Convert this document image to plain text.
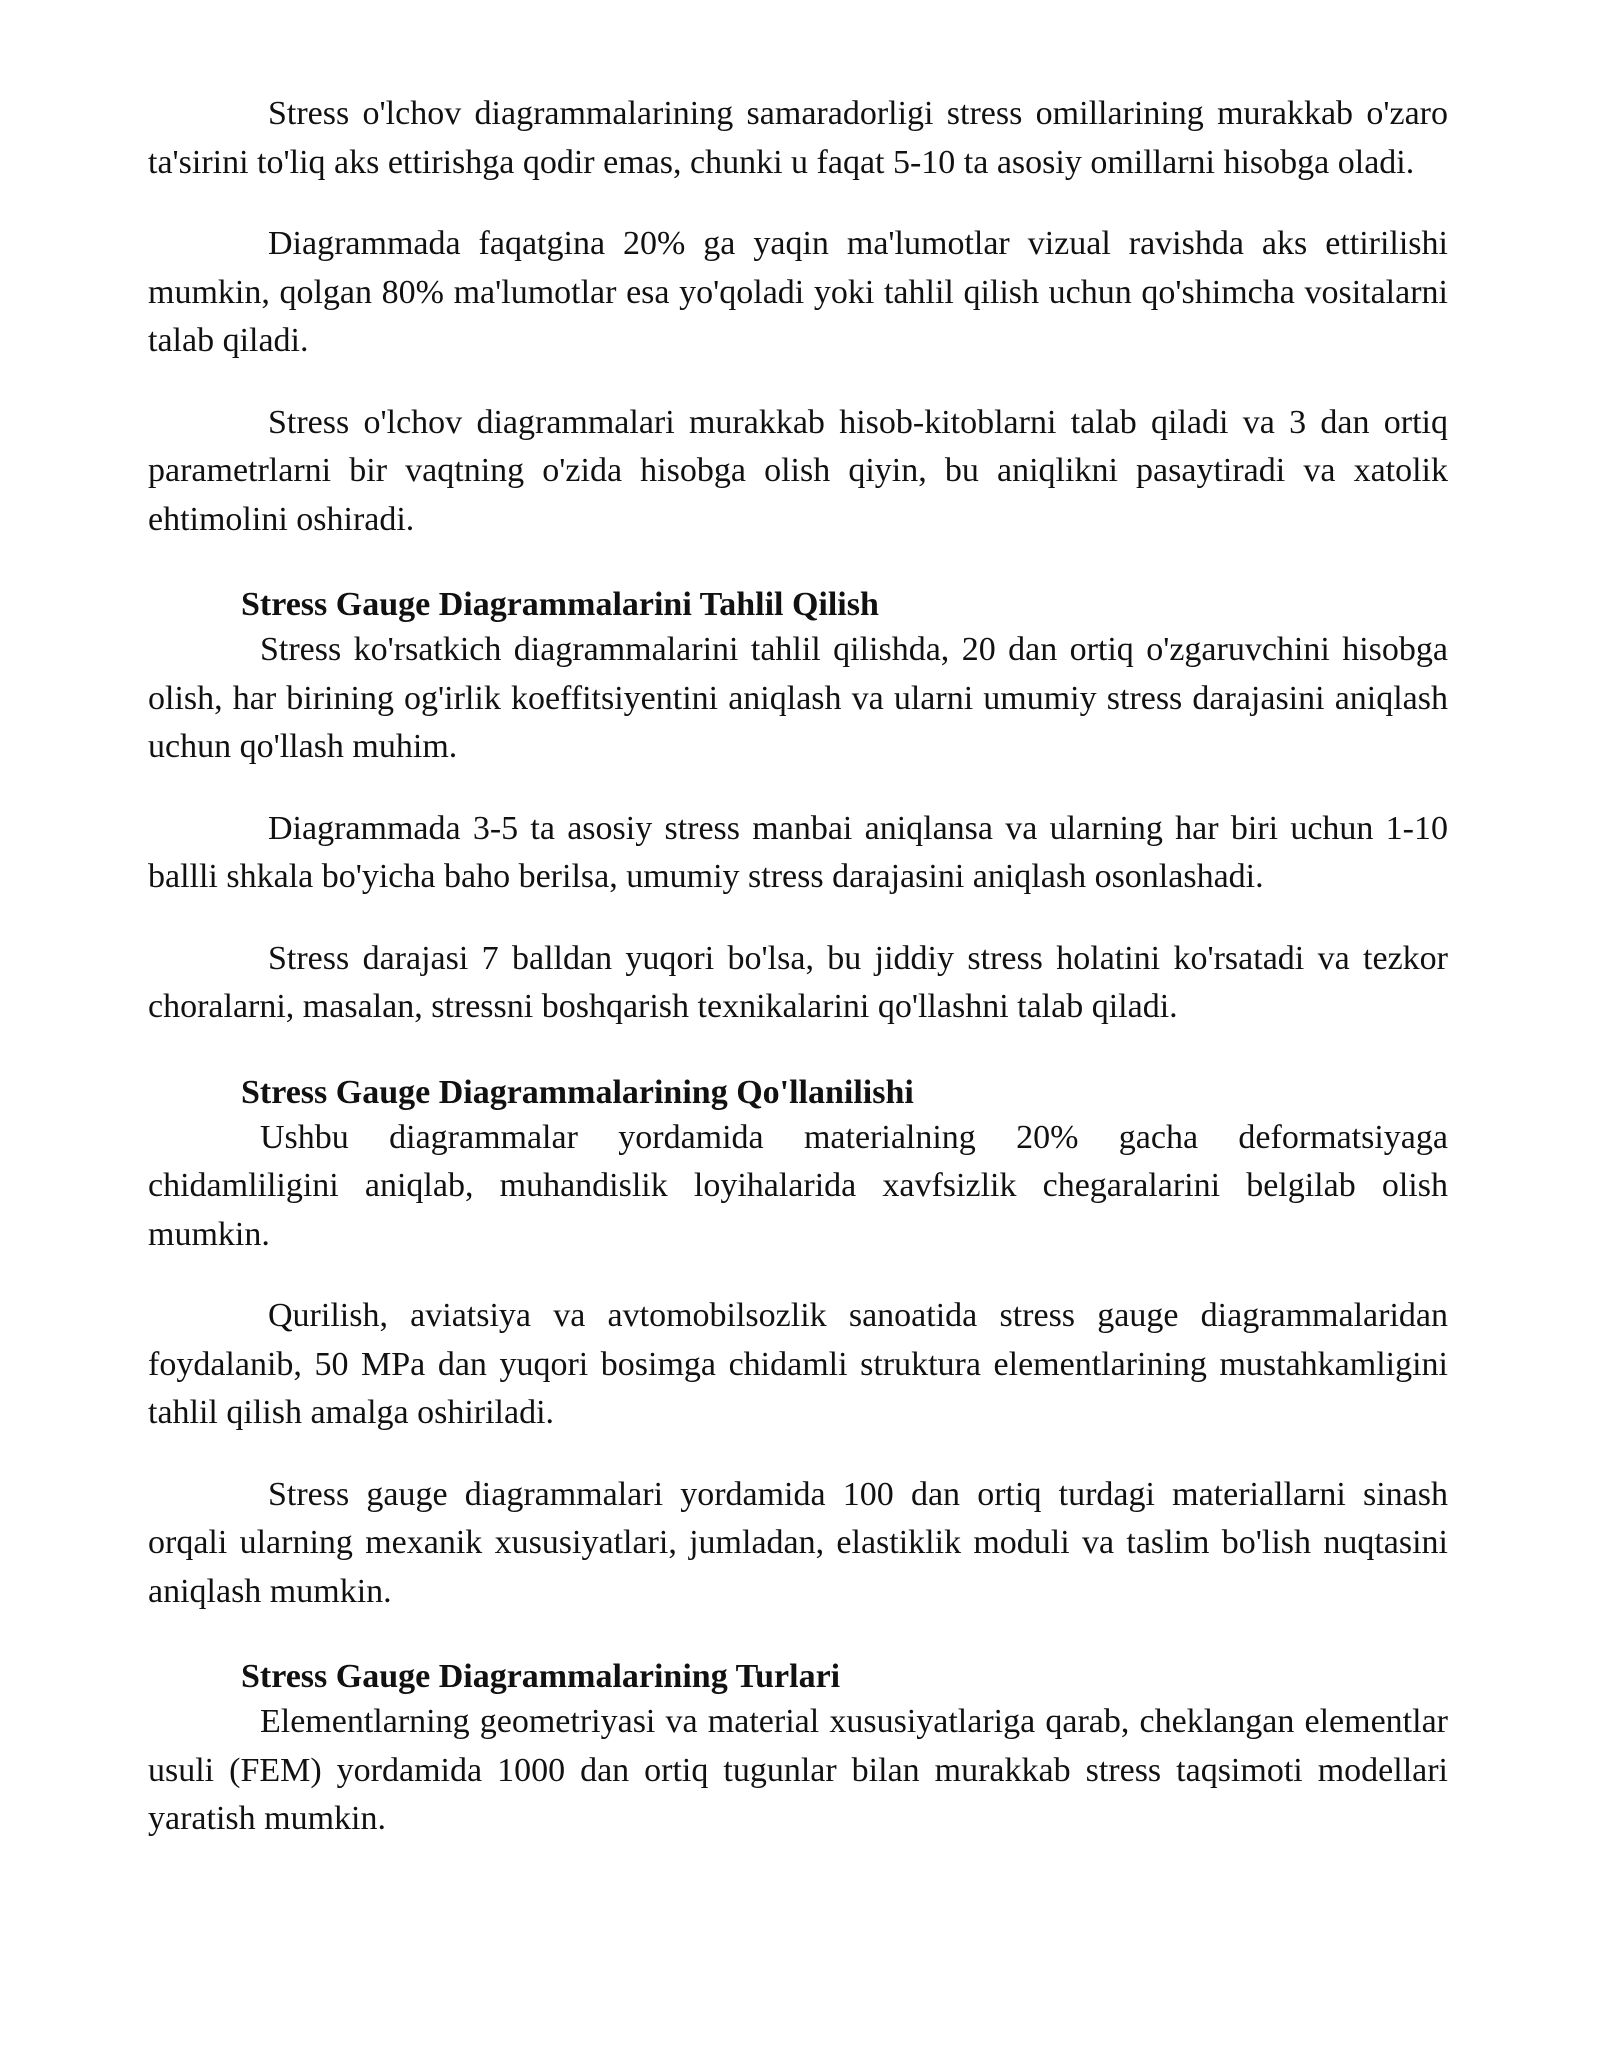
Stress o'lchov diagrammalarining samaradorligi stress omillarining murakkab o'zaro ta'sirini to'liq aks ettirishga qodir emas, chunki u faqat 5-10 ta asosiy omillarni hisobga oladi.

Diagrammada faqatgina 20% ga yaqin ma'lumotlar vizual ravishda aks ettirilishi mumkin, qolgan 80% ma'lumotlar esa yo'qoladi yoki tahlil qilish uchun qo'shimcha vositalarni talab qiladi.

Stress o'lchov diagrammalari murakkab hisob-kitoblarni talab qiladi va 3 dan ortiq parametrlarni bir vaqtning o'zida hisobga olish qiyin, bu aniqlikni pasaytiradi va xatolik ehtimolini oshiradi.

Stress Gauge Diagrammalarini Tahlil Qilish

Stress ko'rsatkich diagrammalarini tahlil qilishda, 20 dan ortiq o'zgaruvchini hisobga olish, har birining og'irlik koeffitsiyentini aniqlash va ularni umumiy stress darajasini aniqlash uchun qo'llash muhim.

Diagrammada 3-5 ta asosiy stress manbai aniqlansa va ularning har biri uchun 1-10 ballli shkala bo'yicha baho berilsa, umumiy stress darajasini aniqlash osonlashadi.

Stress darajasi 7 balldan yuqori bo'lsa, bu jiddiy stress holatini ko'rsatadi va tezkor choralarni, masalan, stressni boshqarish texnikalarini qo'llashni talab qiladi.

Stress Gauge Diagrammalarining Qo'llanilishi

Ushbu diagrammalar yordamida materialning 20% gacha deformatsiyaga chidamliligini aniqlab, muhandislik loyihalarida xavfsizlik chegaralarini belgilab olish mumkin.

Qurilish, aviatsiya va avtomobilsozlik sanoatida stress gauge diagrammalaridan foydalanib, 50 MPa dan yuqori bosimga chidamli struktura elementlarining mustahkamligini tahlil qilish amalga oshiriladi.

Stress gauge diagrammalari yordamida 100 dan ortiq turdagi materiallarni sinash orqali ularning mexanik xususiyatlari, jumladan, elastiklik moduli va taslim bo'lish nuqtasini aniqlash mumkin.

Stress Gauge Diagrammalarining Turlari

Elementlarning geometriyasi va material xususiyatlariga qarab, cheklangan elementlar usuli (FEM) yordamida 1000 dan ortiq tugunlar bilan murakkab stress taqsimoti modellari yaratish mumkin.
